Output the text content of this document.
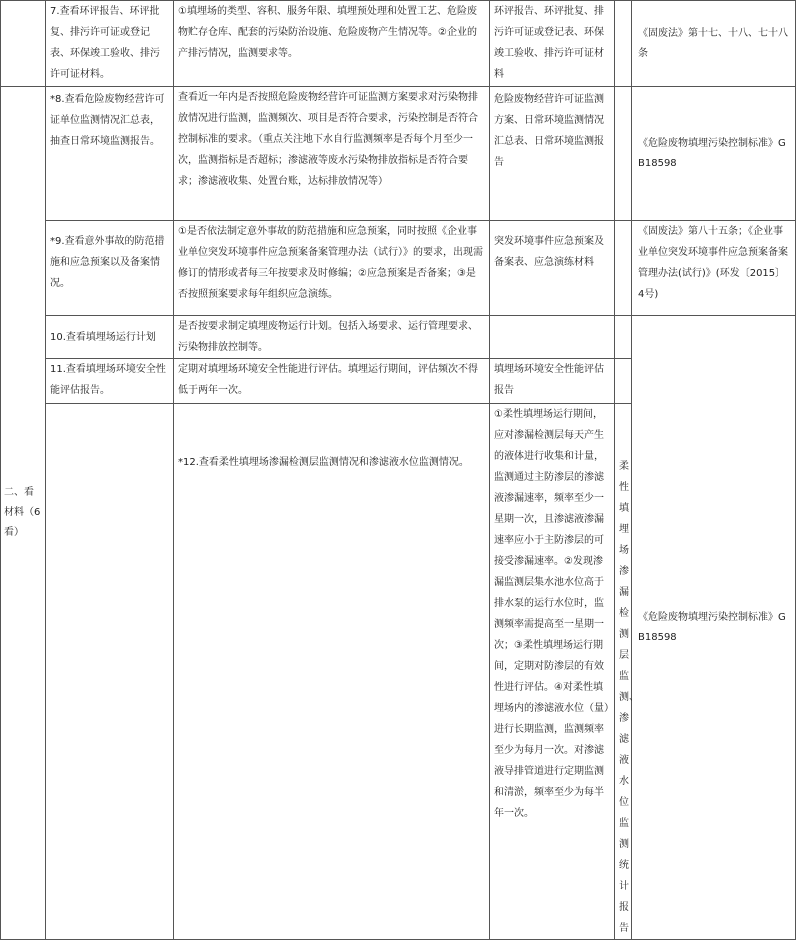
	7.查看环评报告、环评批复、排污许可证或登记表、环保竣工验收、排污许可证材料。	①填埋场的类型、容积、服务年限、填埋预处理和处置工艺、危险废物贮存仓库、配套的污染防治设施、危险废物产生情况等。②企业的产排污情况，监测要求等。	环评报告、环评批复、排污许可证或登记表、环保竣工验收、排污许可证材料		《固废法》第十七、十八、七十八条	
二、看材料（6看）	*8.查看危险废物经营许可证单位监测情况汇总表，抽查日常环境监测报告。	查看近一年内是否按照危险废物经营许可证监测方案要求对污染物排放情况进行监测，监测频次、项目是否符合要求，污染控制是否符合控制标准的要求。（重点关注地下水自行监测频率是否每个月至少一次，监测指标是否超标；渗滤液等废水污染物排放指标是否符合要求；渗滤液收集、处置台账，达标排放情况等）	危险废物经营许可证监测方案、日常环境监测情况汇总表、日常环境监测报告		《危险废物填埋污染控制标准》GB18598	
	*9.查看意外事故的防范措施和应急预案以及备案情况。	①是否依法制定意外事故的防范措施和应急预案，同时按照《企业事业单位突发环境事件应急预案备案管理办法（试行）》的要求，出现需修订的情形或者每三年按要求及时修编；②应急预案是否备案；③是否按照预案要求每年组织应急演练。	突发环境事件应急预案及备案表、应急演练材料		《固废法》第八十五条；《企业事业单位突发环境事件应急预案备案管理办法(试行)》(环发〔2015〕4号)	
	10.查看填埋场运行计划	是否按要求制定填埋废物运行计划。包括入场要求、运行管理要求、污染物排放控制等。			《危险废物填埋污染控制标准》GB18598	
	11.查看填埋场环境安全性能评估报告。	定期对填埋场环境安全性能进行评估。填埋运行期间，评估频次不得低于两年一次。	填埋场环境安全性能评估报告			
		*12.查看柔性填埋场渗漏检测层监测情况和渗滤液水位监测情况。	①柔性填埋场运行期间，应对渗漏检测层每天产生的液体进行收集和计量，监测通过主防渗层的渗滤液渗漏速率，频率至少一星期一次，且渗滤液渗漏速率应小于主防渗层的可接受渗漏速率。②发现渗漏监测层集水池水位高于排水泵的运行水位时，监测频率需提高至一星期一次；③柔性填埋场运行期间，定期对防渗层的有效性进行评估。④对柔性填埋场内的渗滤液水位（量）进行长期监测，监测频率至少为每月一次。对渗滤液导排管道进行定期监测和清淤，频率至少为每半年一次。	柔性填埋场渗漏检测层监测、渗滤液水位监测统计报告		
